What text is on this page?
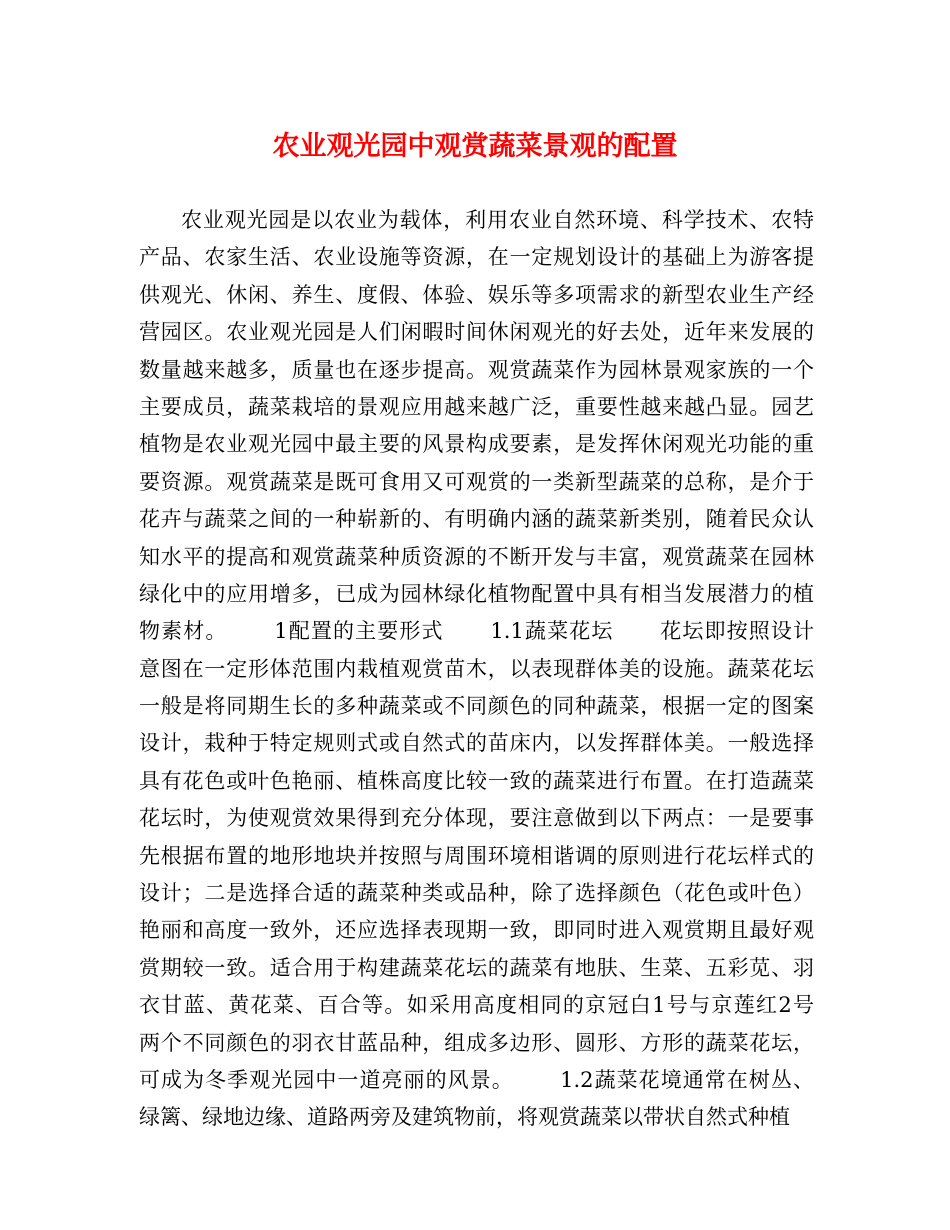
农业观光园中观赏蔬菜景观的配置
农业观光园是以农业为载体，利用农业自然环境、科学技术、农特
产品、农家生活、农业设施等资源，在一定规划设计的基础上为游客提
供观光、休闲、养生、度假、体验、娱乐等多项需求的新型农业生产经
营园区。农业观光园是人们闲暇时间休闲观光的好去处，近年来发展的
数量越来越多，质量也在逐步提高。观赏蔬菜作为园林景观家族的一个
主要成员，蔬菜栽培的景观应用越来越广泛，重要性越来越凸显。园艺
植物是农业观光园中最主要的风景构成要素，是发挥休闲观光功能的重
要资源。观赏蔬菜是既可食用又可观赏的一类新型蔬菜的总称，是介于
花卉与蔬菜之间的一种崭新的、有明确内涵的蔬菜新类别，随着民众认
知水平的提高和观赏蔬菜种质资源的不断开发与丰富，观赏蔬菜在园林
绿化中的应用增多，已成为园林绿化植物配置中具有相当发展潜力的植
物素材。      1配置的主要形式      1.1蔬菜花坛      花坛即按照设计
意图在一定形体范围内栽植观赏苗木，以表现群体美的设施。蔬菜花坛
一般是将同期生长的多种蔬菜或不同颜色的同种蔬菜，根据一定的图案
设计，栽种于特定规则式或自然式的苗床内，以发挥群体美。一般选择
具有花色或叶色艳丽、植株高度比较一致的蔬菜进行布置。在打造蔬菜
花坛时，为使观赏效果得到充分体现，要注意做到以下两点：一是要事
先根据布置的地形地块并按照与周围环境相谐调的原则进行花坛样式的
设计；二是选择合适的蔬菜种类或品种，除了选择颜色（花色或叶色）
艳丽和高度一致外，还应选择表现期一致，即同时进入观赏期且最好观
赏期较一致。适合用于构建蔬菜花坛的蔬菜有地肤、生菜、五彩苋、羽
衣甘蓝、黄花菜、百合等。如采用高度相同的京冠白1号与京莲红2号
两个不同颜色的羽衣甘蓝品种，组成多边形、圆形、方形的蔬菜花坛，
可成为冬季观光园中一道亮丽的风景。      1.2蔬菜花境通常在树丛、
绿篱、绿地边缘、道路两旁及建筑物前，将观赏蔬菜以带状自然式种植
